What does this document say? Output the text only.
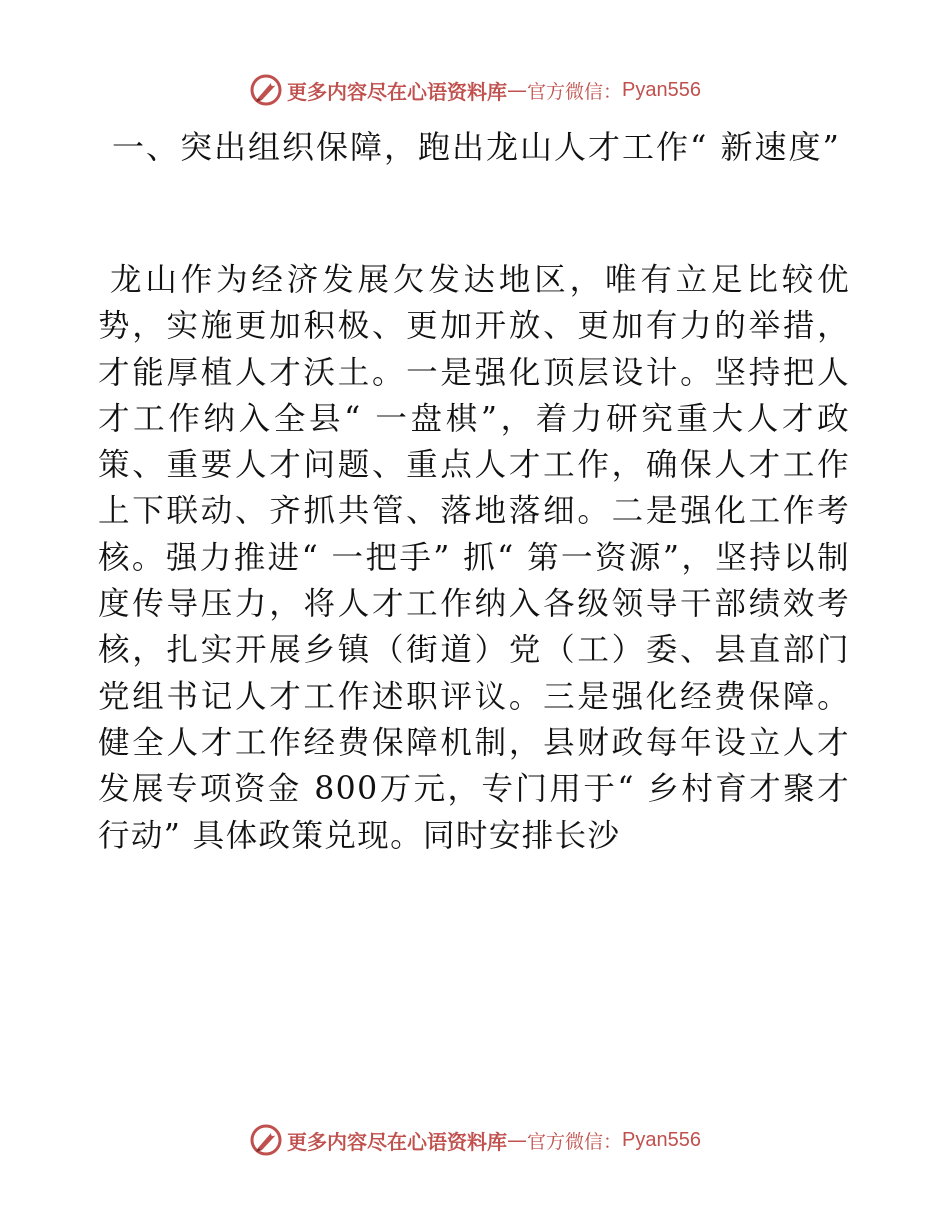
更多内容尽在心语资料库 — 官方微信： Pyan556
一、突出组织保障，跑出龙山人才工作“ 新速度”

龙山作为经济发展欠发达地区，唯有立足比较优势，实施更加积极、更加开放、更加有力的举措，才能厚植人才沃土。一是强化顶层设计。坚持把人才工作纳入全县“ 一盘棋”，着力研究重大人才政策、重要人才问题、重点人才工作，确保人才工作上下联动、齐抓共管、落地落细。二是强化工作考核。强力推进“ 一把手” 抓“ 第一资源”，坚持以制度传导压力，将人才工作纳入各级领导干部绩效考核，扎实开展乡镇（街道）党（工）委、县直部门党组书记人才工作述职评议。三是强化经费保障。健全人才工作经费保障机制，县财政每年设立人才发展专项资金 800万元，专门用于“ 乡村育才聚才行动” 具体政策兑现。同时安排长沙

更多内容尽在心语资料库 — 官方微信： Pyan556
